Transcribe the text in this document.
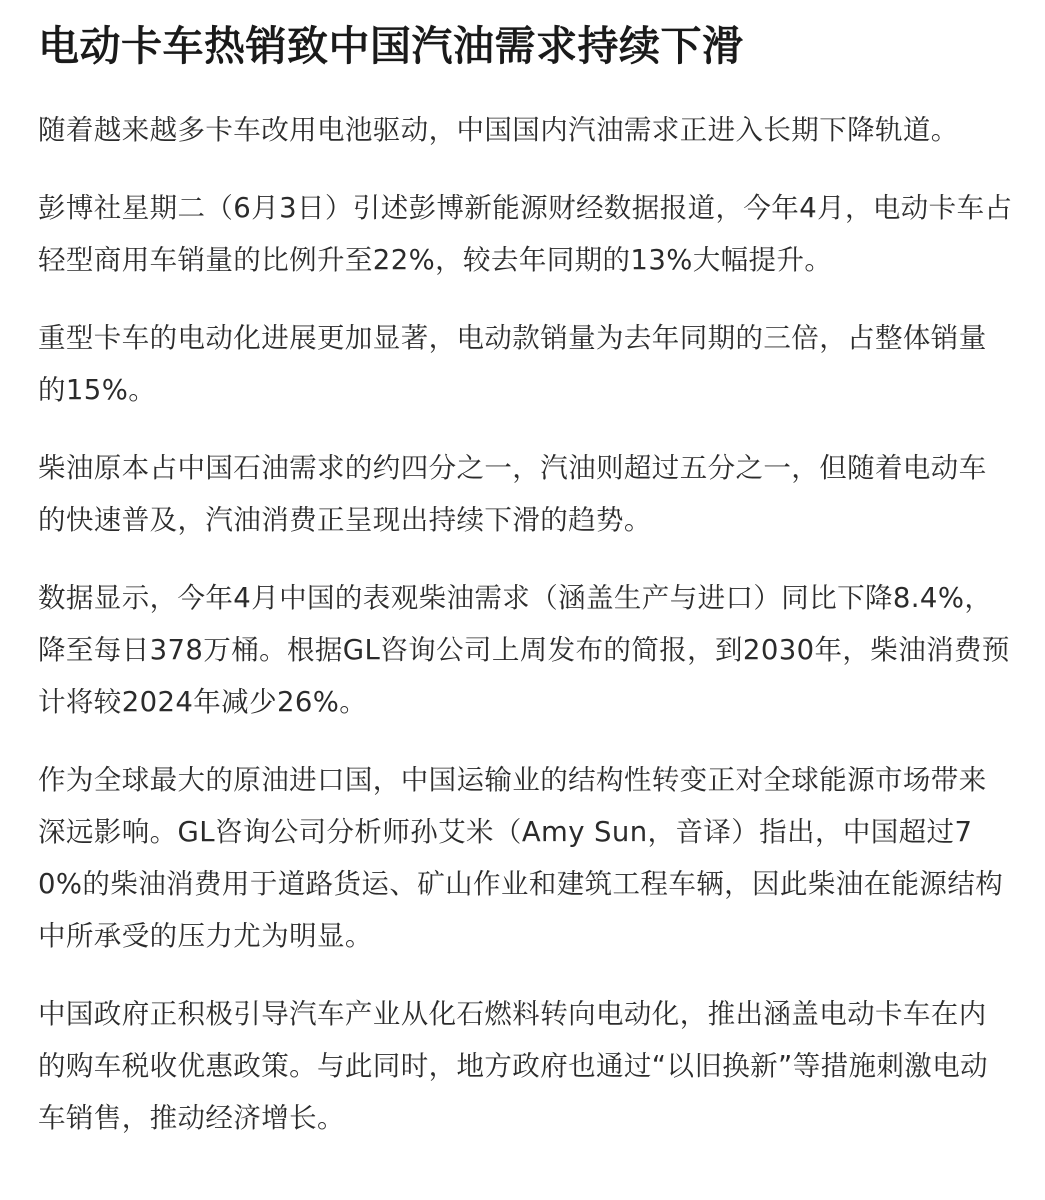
电动卡车热销致中国汽油需求持续下滑

随着越来越多卡车改用电池驱动，中国国内汽油需求正进入长期下降轨道。

彭博社星期二（6月3日）引述彭博新能源财经数据报道，今年4月，电动卡车占轻型商用车销量的比例升至22%，较去年同期的13%大幅提升。

重型卡车的电动化进展更加显著，电动款销量为去年同期的三倍，占整体销量的15%。

柴油原本占中国石油需求的约四分之一，汽油则超过五分之一，但随着电动车的快速普及，汽油消费正呈现出持续下滑的趋势。

数据显示，今年4月中国的表观柴油需求（涵盖生产与进口）同比下降8.4%，降至每日378万桶。根据GL咨询公司上周发布的简报，到2030年，柴油消费预计将较2024年减少26%。

作为全球最大的原油进口国，中国运输业的结构性转变正对全球能源市场带来深远影响。GL咨询公司分析师孙艾米（Amy Sun，音译）指出，中国超过70%的柴油消费用于道路货运、矿山作业和建筑工程车辆，因此柴油在能源结构中所承受的压力尤为明显。

中国政府正积极引导汽车产业从化石燃料转向电动化，推出涵盖电动卡车在内的购车税收优惠政策。与此同时，地方政府也通过“以旧换新”等措施刺激电动车销售，推动经济增长。
